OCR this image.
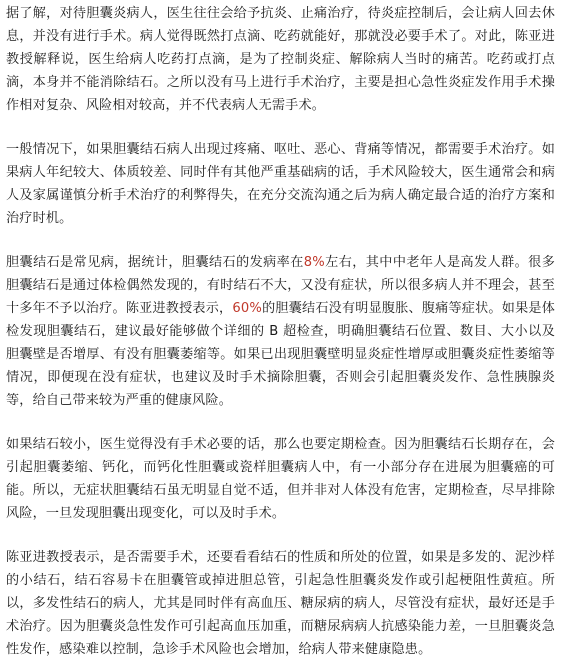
据了解，对待胆囊炎病人，医生往往会给予抗炎、止痛治疗，待炎症控制后，会让病人回去休息，并没有进行手术。病人觉得既然打点滴、吃药就能好，那就没必要手术了。对此，陈亚进教授解释说，医生给病人吃药打点滴，是为了控制炎症、解除病人当时的痛苦。吃药或打点滴，本身并不能消除结石。之所以没有马上进行手术治疗，主要是担心急性炎症发作用手术操作相对复杂、风险相对较高，并不代表病人无需手术。

一般情况下，如果胆囊结石病人出现过疼痛、呕吐、恶心、背痛等情况，都需要手术治疗。如果病人年纪较大、体质较差、同时伴有其他严重基础病的话，手术风险较大，医生通常会和病人及家属谨慎分析手术治疗的利弊得失，在充分交流沟通之后为病人确定最合适的治疗方案和治疗时机。

胆囊结石是常见病，据统计，胆囊结石的发病率在8%左右，其中中老年人是高发人群。很多胆囊结石是通过体检偶然发现的，有时结石不大，又没有症状，所以很多病人并不理会，甚至十多年不予以治疗。陈亚进教授表示，60%的胆囊结石没有明显腹胀、腹痛等症状。如果是体检发现胆囊结石，建议最好能够做个详细的 B 超检查，明确胆囊结石位置、数目、大小以及胆囊壁是否增厚、有没有胆囊萎缩等。如果已出现胆囊壁明显炎症性增厚或胆囊炎症性萎缩等情况，即便现在没有症状，也建议及时手术摘除胆囊，否则会引起胆囊炎发作、急性胰腺炎等，给自己带来较为严重的健康风险。

如果结石较小，医生觉得没有手术必要的话，那么也要定期检查。因为胆囊结石长期存在，会引起胆囊萎缩、钙化，而钙化性胆囊或瓷样胆囊病人中，有一小部分存在进展为胆囊癌的可能。所以，无症状胆囊结石虽无明显自觉不适，但并非对人体没有危害，定期检查，尽早排除风险，一旦发现胆囊出现变化，可以及时手术。

陈亚进教授表示，是否需要手术，还要看看结石的性质和所处的位置，如果是多发的、泥沙样的小结石，结石容易卡在胆囊管或掉进胆总管，引起急性胆囊炎发作或引起梗阻性黄疸。所以，多发性结石的病人，尤其是同时伴有高血压、糖尿病的病人，尽管没有症状，最好还是手术治疗。因为胆囊炎急性发作可引起高血压加重，而糖尿病病人抗感染能力差，一旦胆囊炎急性发作，感染难以控制，急诊手术风险也会增加，给病人带来健康隐患。
